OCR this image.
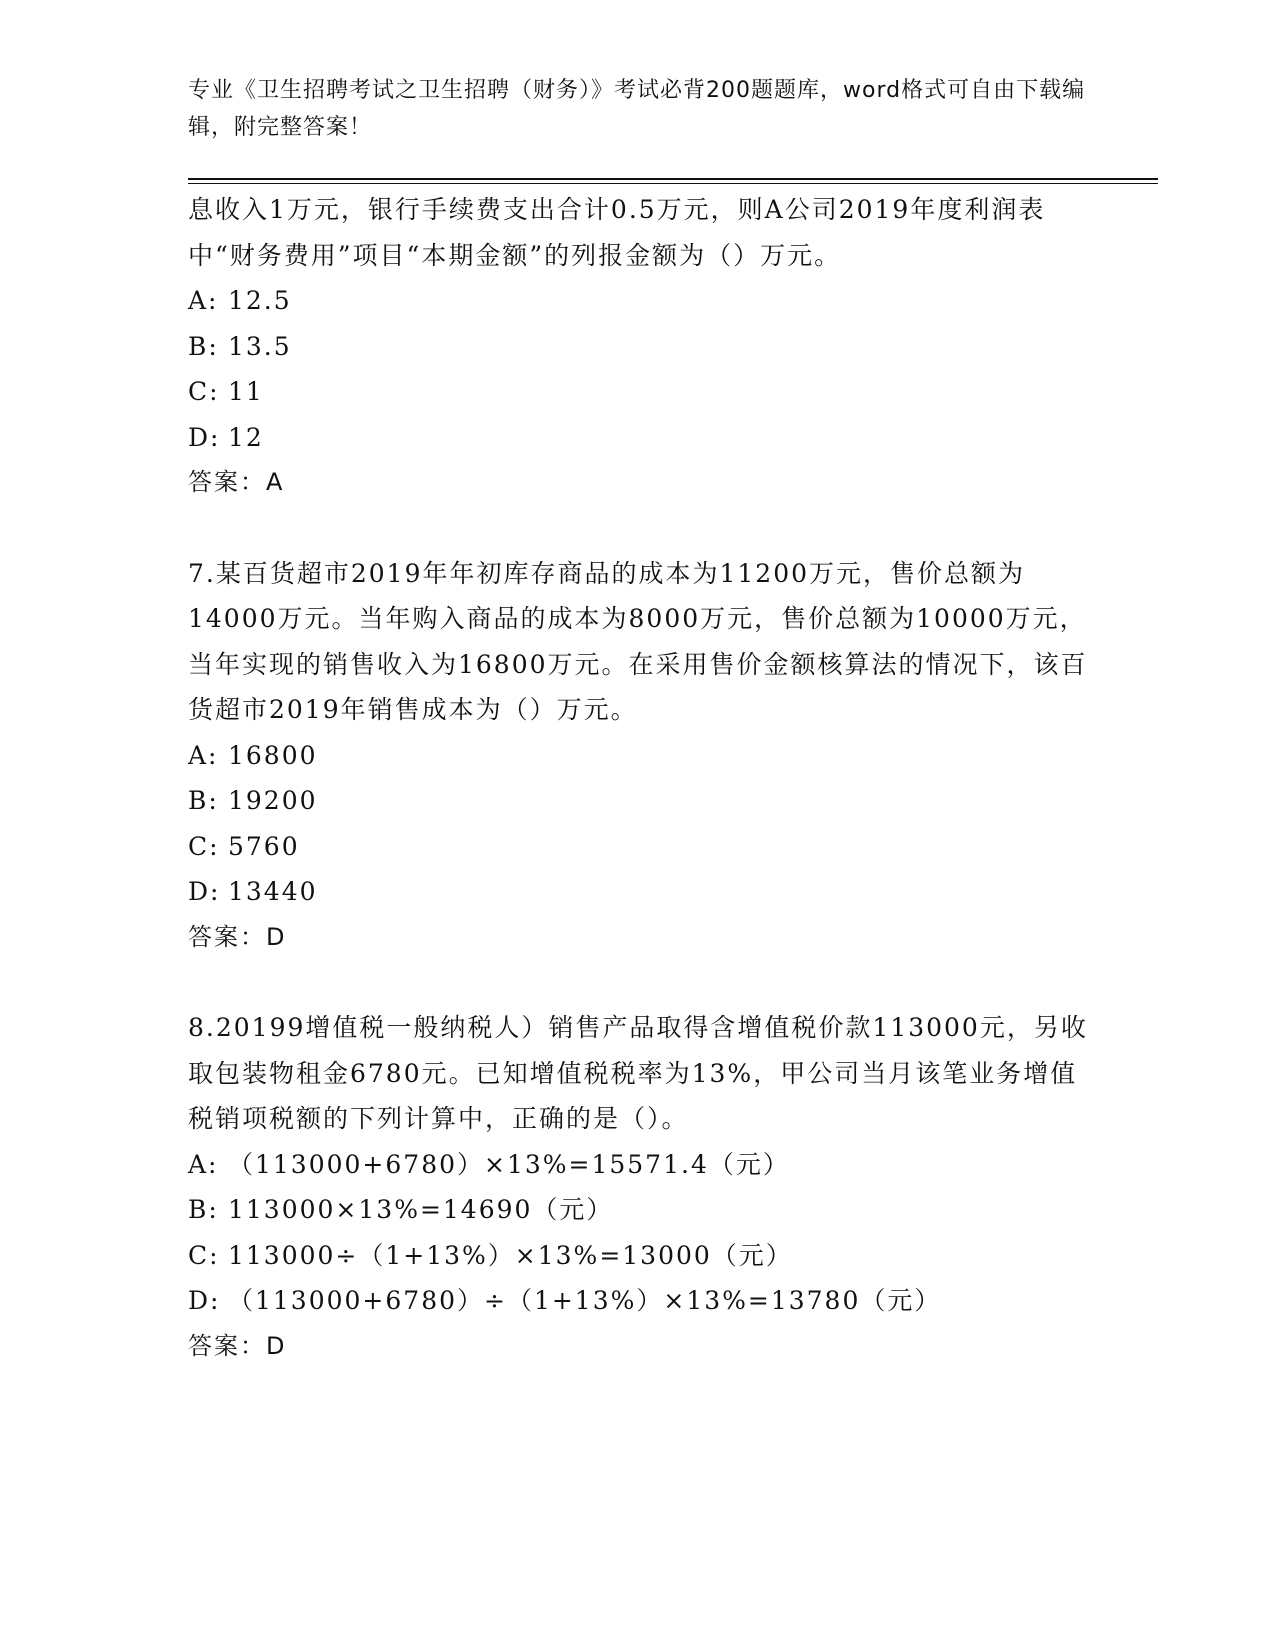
专业《卫生招聘考试之卫生招聘（财务）》考试必背200题题库，word格式可自由下载编辑，附完整答案！

息收入1万元，银行手续费支出合计0.5万元，则A公司2019年度利润表中“财务费用”项目“本期金额”的列报金额为（）万元。

A: 12.5

B: 13.5

C: 11

D: 12

答案：A

7.某百货超市2019年年初库存商品的成本为11200万元，售价总额为14000万元。当年购入商品的成本为8000万元，售价总额为10000万元，当年实现的销售收入为16800万元。在采用售价金额核算法的情况下，该百货超市2019年销售成本为（）万元。

A: 16800

B: 19200

C: 5760

D: 13440

答案：D

8.20199增值税一般纳税人）销售产品取得含增值税价款113000元，另收取包装物租金6780元。已知增值税税率为13%，甲公司当月该笔业务增值税销项税额的下列计算中，正确的是（）。

A: （113000+6780）×13%=15571.4（元）

B: 113000×13%=14690（元）

C: 113000÷（1+13%）×13%=13000（元）

D: （113000+6780）÷（1+13%）×13%=13780（元）

答案：D
